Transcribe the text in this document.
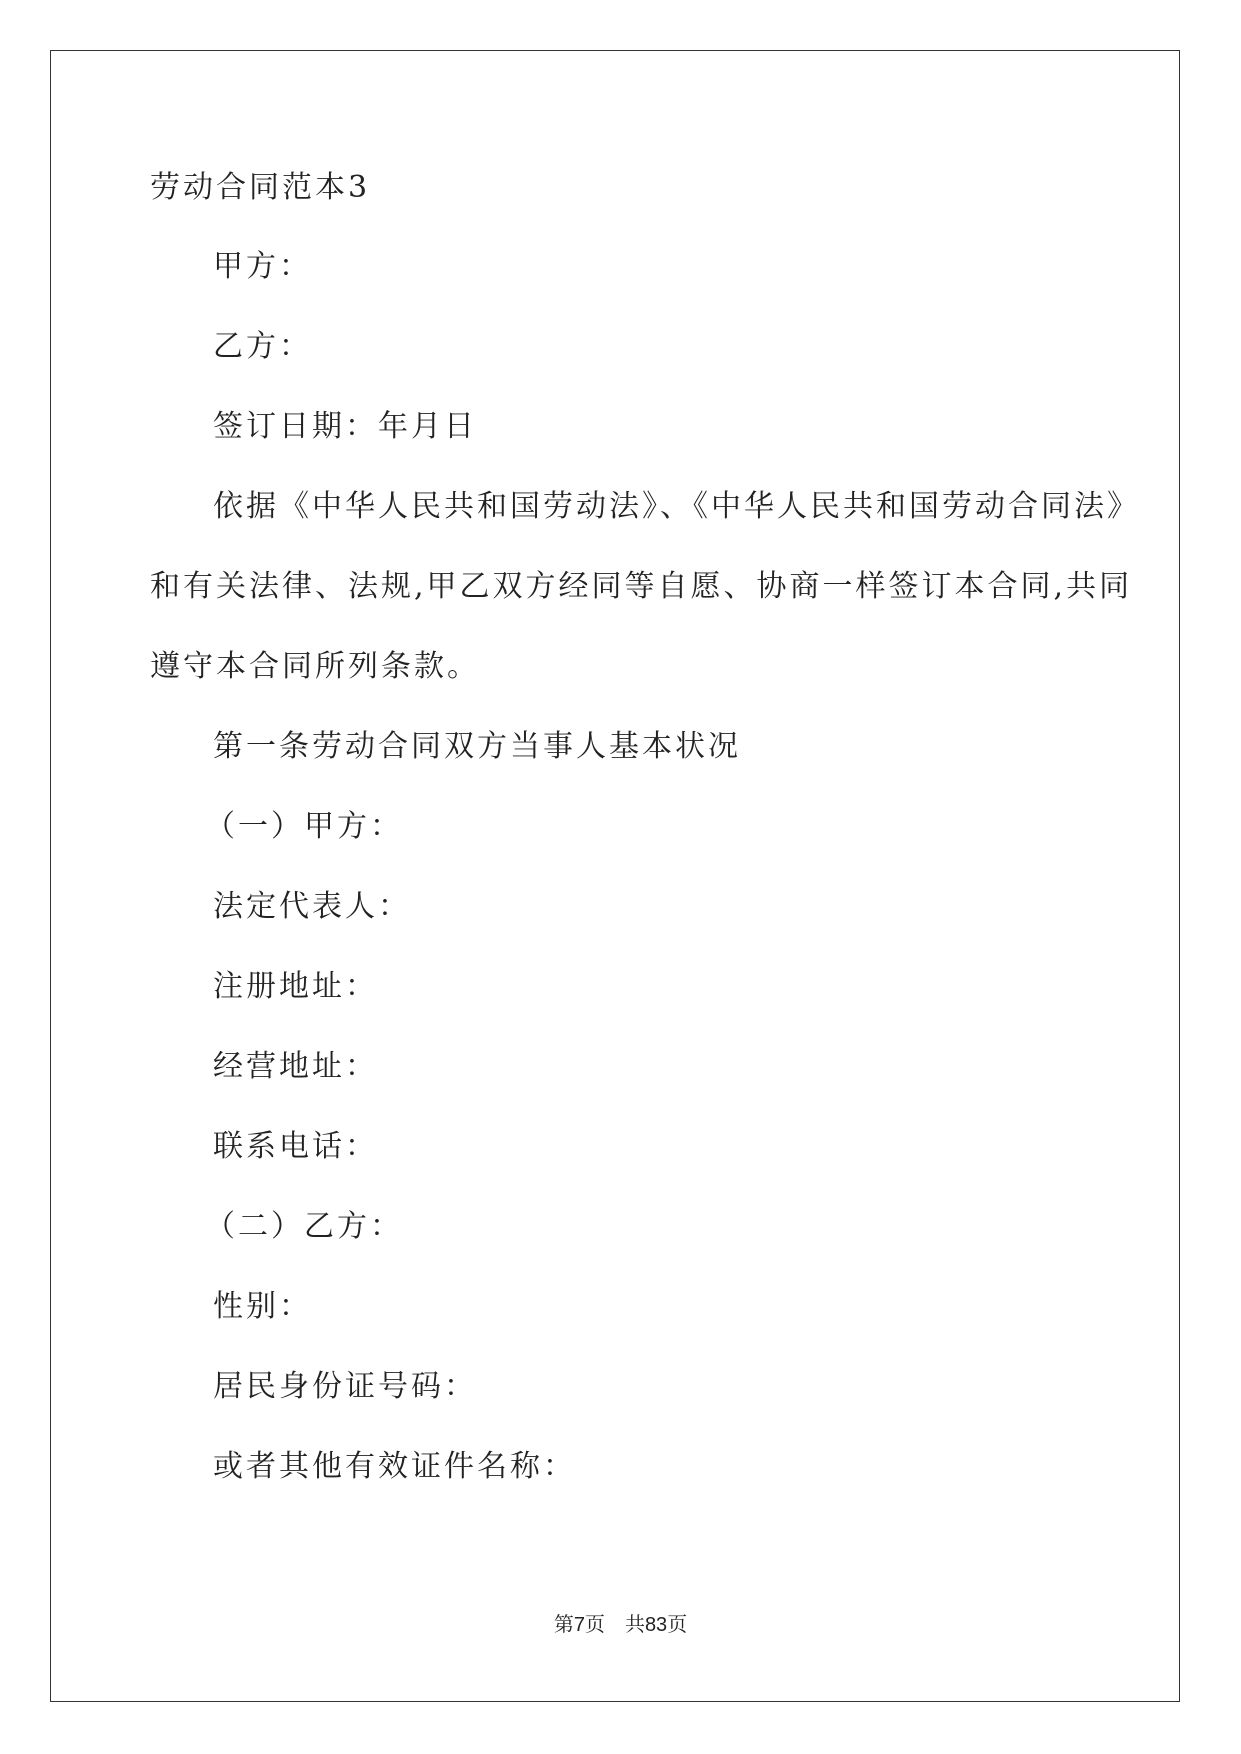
劳动合同范本3
甲方：
乙方：
签订日期：年月日
依据《中华人民共和国劳动法》、《中华人民共和国劳动合同法》
和有关法律、法规,甲乙双方经同等自愿、协商一样签订本合同,共同
遵守本合同所列条款。
第一条劳动合同双方当事人基本状况
（一）甲方：
法定代表人：
注册地址：
经营地址：
联系电话：
（二）乙方：
性别：
居民身份证号码：
或者其他有效证件名称：
第7页 共83页
